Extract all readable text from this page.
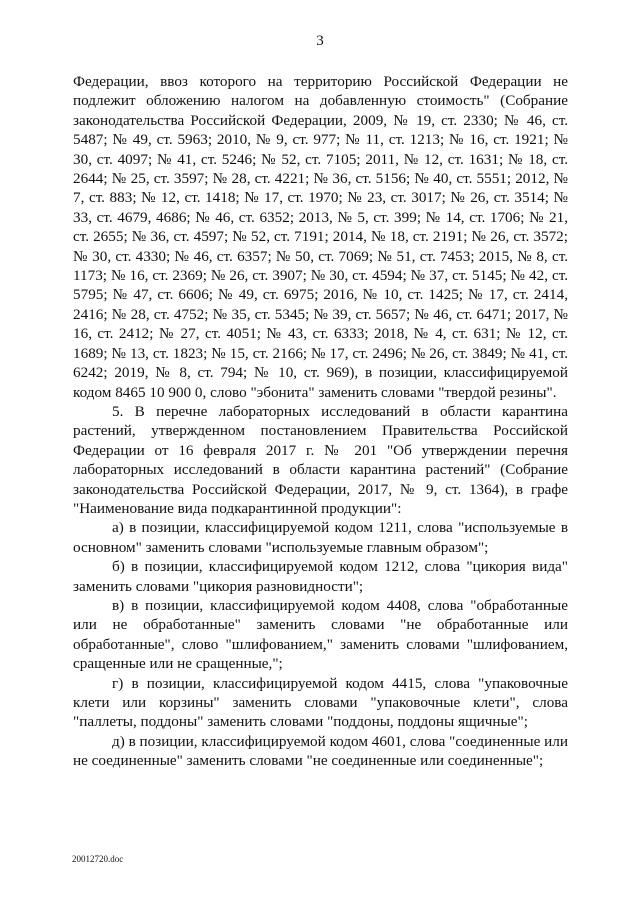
3

Федерации, ввоз которого на территорию Российской Федерации не подлежит обложению налогом на добавленную стоимость" (Собрание законодательства Российской Федерации, 2009, № 19, ст. 2330; № 46, ст. 5487; № 49, ст. 5963; 2010, № 9, ст. 977; № 11, ст. 1213; № 16, ст. 1921; № 30, ст. 4097; № 41, ст. 5246; № 52, ст. 7105; 2011, № 12, ст. 1631; № 18, ст. 2644; № 25, ст. 3597; № 28, ст. 4221; № 36, ст. 5156; № 40, ст. 5551; 2012, № 7, ст. 883; № 12, ст. 1418; № 17, ст. 1970; № 23, ст. 3017; № 26, ст. 3514; № 33, ст. 4679, 4686; № 46, ст. 6352; 2013, № 5, ст. 399; № 14, ст. 1706; № 21, ст. 2655; № 36, ст. 4597; № 52, ст. 7191; 2014, № 18, ст. 2191; № 26, ст. 3572; № 30, ст. 4330; № 46, ст. 6357; № 50, ст. 7069; № 51, ст. 7453; 2015, № 8, ст. 1173; № 16, ст. 2369; № 26, ст. 3907; № 30, ст. 4594; № 37, ст. 5145; № 42, ст. 5795; № 47, ст. 6606; № 49, ст. 6975; 2016, № 10, ст. 1425; № 17, ст. 2414, 2416; № 28, ст. 4752; № 35, ст. 5345; № 39, ст. 5657; № 46, ст. 6471; 2017, № 16, ст. 2412; № 27, ст. 4051; № 43, ст. 6333; 2018, № 4, ст. 631; № 12, ст. 1689; № 13, ст. 1823; № 15, ст. 2166; № 17, ст. 2496; № 26, ст. 3849; № 41, ст. 6242; 2019, № 8, ст. 794; № 10, ст. 969), в позиции, классифицируемой кодом 8465 10 900 0, слово "эбонита" заменить словами "твердой резины".

5. В перечне лабораторных исследований в области карантина растений, утвержденном постановлением Правительства Российской Федерации от 16 февраля 2017 г. № 201 "Об утверждении перечня лабораторных исследований в области карантина растений" (Собрание законодательства Российской Федерации, 2017, № 9, ст. 1364), в графе "Наименование вида подкарантинной продукции":

а) в позиции, классифицируемой кодом 1211, слова "используемые в основном" заменить словами "используемые главным образом";

б) в позиции, классифицируемой кодом 1212, слова "цикория вида" заменить словами "цикория разновидности";

в) в позиции, классифицируемой кодом 4408, слова "обработанные или не обработанные" заменить словами "не обработанные или обработанные", слово "шлифованием," заменить словами "шлифованием, сращенные или не сращенные,";

г) в позиции, классифицируемой кодом 4415, слова "упаковочные клети или корзины" заменить словами "упаковочные клети", слова "паллеты, поддоны" заменить словами "поддоны, поддоны ящичные";

д) в позиции, классифицируемой кодом 4601, слова "соединенные или не соединенные" заменить словами "не соединенные или соединенные";

20012720.doc
